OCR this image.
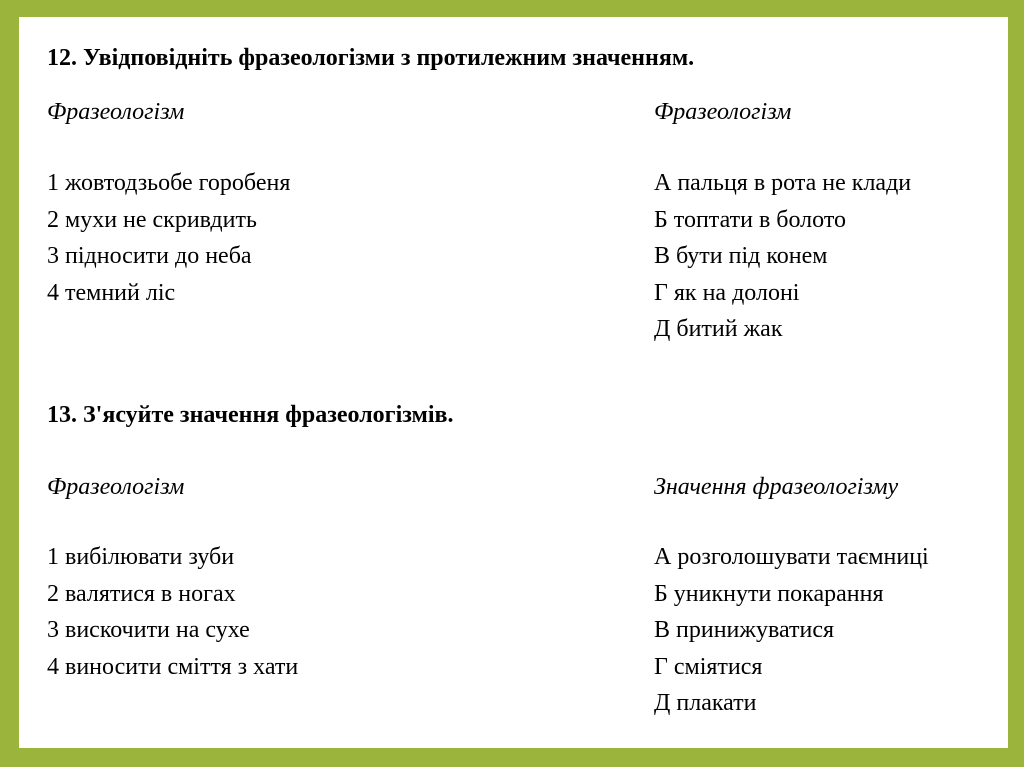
12. Увідповідніть фразеологізми з протилежним значенням.
Фразеологізм	Фразеологізм
1 жовтодзьобе горобеня
2 мухи не скривдить
3 підносити до неба
4 темний ліс
А пальця в рота не клади
Б топтати в болото
В бути під конем
Г як на долоні
Д битий жак
13. З'ясуйте значення фразеологізмів.
Фразеологізм	Значення фразеологізму
1 вибілювати зуби
2 валятися в ногах
3 вискочити на сухе
4 виносити сміття з хати
А розголошувати таємниці
Б уникнути покарання
В принижуватися
Г сміятися
Д плакати
